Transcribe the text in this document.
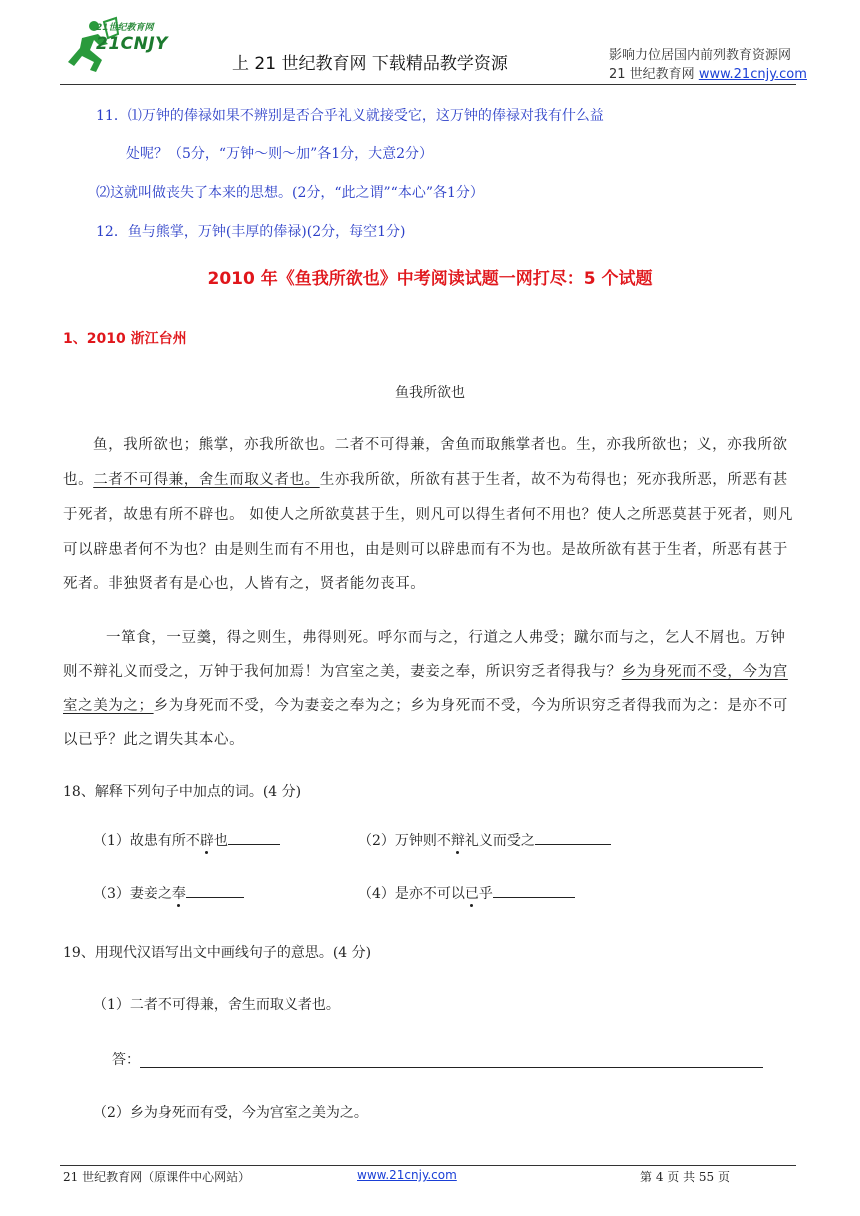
21世纪教育网
21CNJY
上 21 世纪教育网 下载精品教学资源	影响力位居国内前列教育资源网
21 世纪教育网 www.21cnjy.com
11．⑴万钟的俸禄如果不辨别是否合乎礼义就接受它，这万钟的俸禄对我有什么益
处呢？（5分，“万钟～则～加”各1分，大意2分）
⑵这就叫做丧失了本来的思想。(2分，“此之谓”“本心”各1分）
12．鱼与熊掌，万钟(丰厚的俸禄)(2分，每空1分)
2010 年《鱼我所欲也》中考阅读试题一网打尽：5 个试题
1、2010 浙江台州
鱼我所欲也
鱼，我所欲也；熊掌，亦我所欲也。二者不可得兼，舍鱼而取熊掌者也。生，亦我所欲也；义，亦我所欲
也。二者不可得兼，舍生而取义者也。生亦我所欲，所欲有甚于生者，故不为苟得也；死亦我所恶，所恶有甚
于死者，故患有所不辟也。 如使人之所欲莫甚于生，则凡可以得生者何不用也？使人之所恶莫甚于死者，则凡
可以辟患者何不为也？由是则生而有不用也，由是则可以辟患而有不为也。是故所欲有甚于生者，所恶有甚于
死者。非独贤者有是心也，人皆有之，贤者能勿丧耳。
一箪食，一豆羹，得之则生，弗得则死。呼尔而与之，行道之人弗受；蹴尔而与之，乞人不屑也。万钟
则不辩礼义而受之，万钟于我何加焉！为宫室之美，妻妾之奉，所识穷乏者得我与？乡为身死而不受，今为宫
室之美为之；乡为身死而不受，今为妻妾之奉为之；乡为身死而不受，今为所识穷乏者得我而为之：是亦不可
以已乎？此之谓失其本心。
18、解释下列句子中加点的词。(4 分)
（1）故患有所不辟也	（2）万钟则不辩礼义而受之
（3）妻妾之奉	（4）是亦不可以已乎
19、用现代汉语写出文中画线句子的意思。(4 分)
（1）二者不可得兼，舍生而取义者也。
答：
（2）乡为身死而有受，今为宫室之美为之。
21 世纪教育网（原课件中心网站）	www.21cnjy.com	第 4 页 共 55 页
